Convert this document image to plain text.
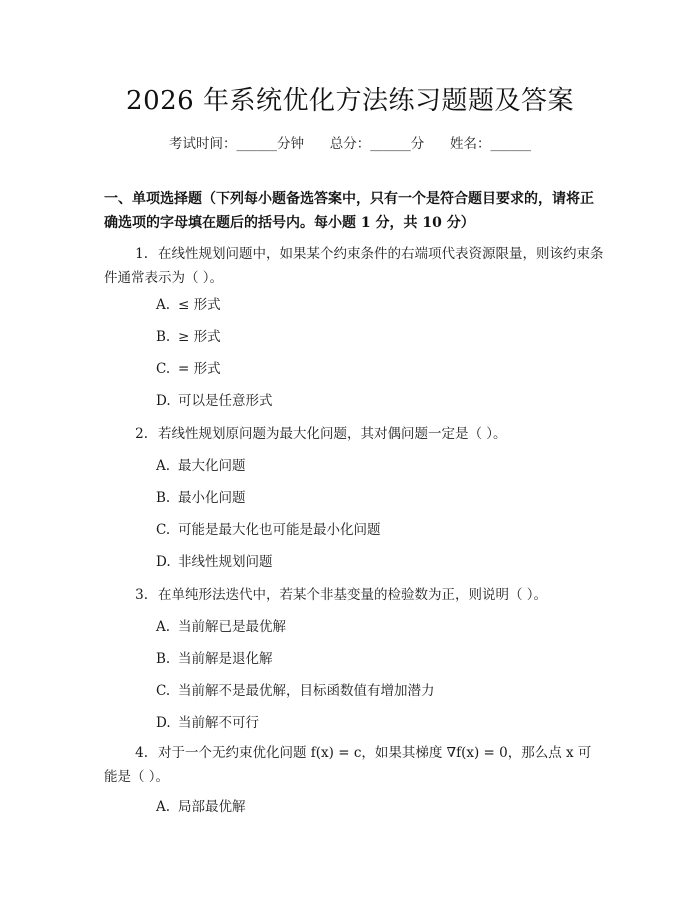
2026 年系统优化方法练习题题及答案
考试时间：______分钟      总分：______分      姓名：______
一、单项选择题（下列每小题备选答案中，只有一个是符合题目要求的，请将正确选项的字母填在题后的括号内。每小题 1 分，共 10 分）
1. 在线性规划问题中，如果某个约束条件的右端项代表资源限量，则该约束条件通常表示为（ ）。
A. ≤ 形式
B. ≥ 形式
C. = 形式
D. 可以是任意形式
2. 若线性规划原问题为最大化问题，其对偶问题一定是（ ）。
A. 最大化问题
B. 最小化问题
C. 可能是最大化也可能是最小化问题
D. 非线性规划问题
3. 在单纯形法迭代中，若某个非基变量的检验数为正，则说明（ ）。
A. 当前解已是最优解
B. 当前解是退化解
C. 当前解不是最优解，目标函数值有增加潜力
D. 当前解不可行
4. 对于一个无约束优化问题 f(x) = c，如果其梯度 ∇f(x) = 0，那么点 x 可能是（ ）。
A. 局部最优解
